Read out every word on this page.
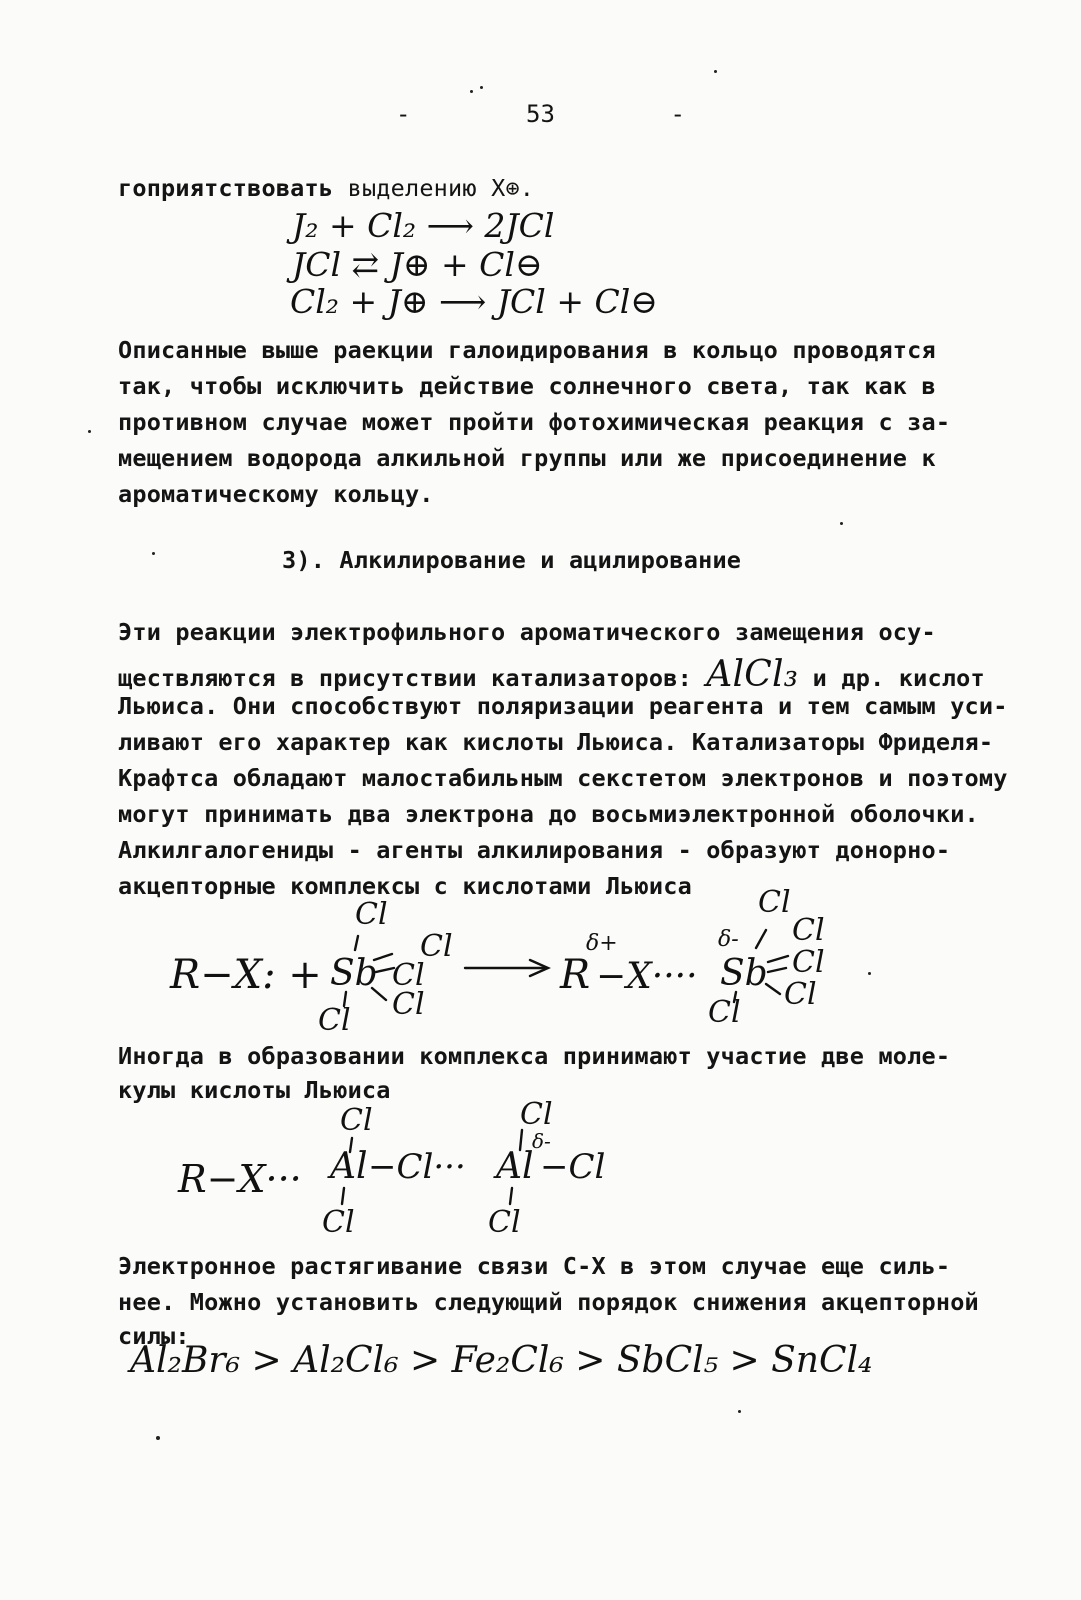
-	53	-
гоприятствовать выделению X⊕.
J₂ + Cl₂ ⟶ 2JCl
JCl ⇄ J⊕ + Cl⊖
Cl₂ + J⊕ ⟶ JCl + Cl⊖
Описанные выше раекции галоидирования в кольцо проводятся
так, чтобы исключить действие солнечного света, так как в
противном случае может пройти фотохимическая реакция с за-
мещением водорода алкильной группы или же присоединение к
ароматическому кольцу.
3). Алкилирование и ацилирование
Эти реакции электрофильного ароматического замещения осу-
ществляются в присутствии катализаторов: AlCl₃ и др. кислот
Льюиса. Они способствуют поляризации реагента и тем самым уси-
ливают его характер как кислоты Льюиса. Катализаторы Фриделя-
Крафтса обладают малостабильным секстетом электронов и поэтому
могут принимать два электрона до восьмиэлектронной оболочки.
Алкилгалогениды - агенты алкилирования - образуют донорно-
акцепторные комплексы с кислотами Льюиса
R−X: + Sb
Cl
Cl
Cl
Cl
Cl
R
δ+
−X···· Sb
δ-
Cl
Cl
Cl
Cl
Cl
Иногда в образовании комплекса принимают участие две моле-
кулы кислоты Льюиса
R−X··· Al
Cl
−Cl···
Cl
Al
Cl
δ-
−Cl
Cl
Электронное растягивание связи С-Х в этом случае еще силь-
нее. Можно установить следующий порядок снижения акцепторной
силы:
Al₂Br₆ > Al₂Cl₆ > Fe₂Cl₆ > SbCl₅ > SnCl₄
